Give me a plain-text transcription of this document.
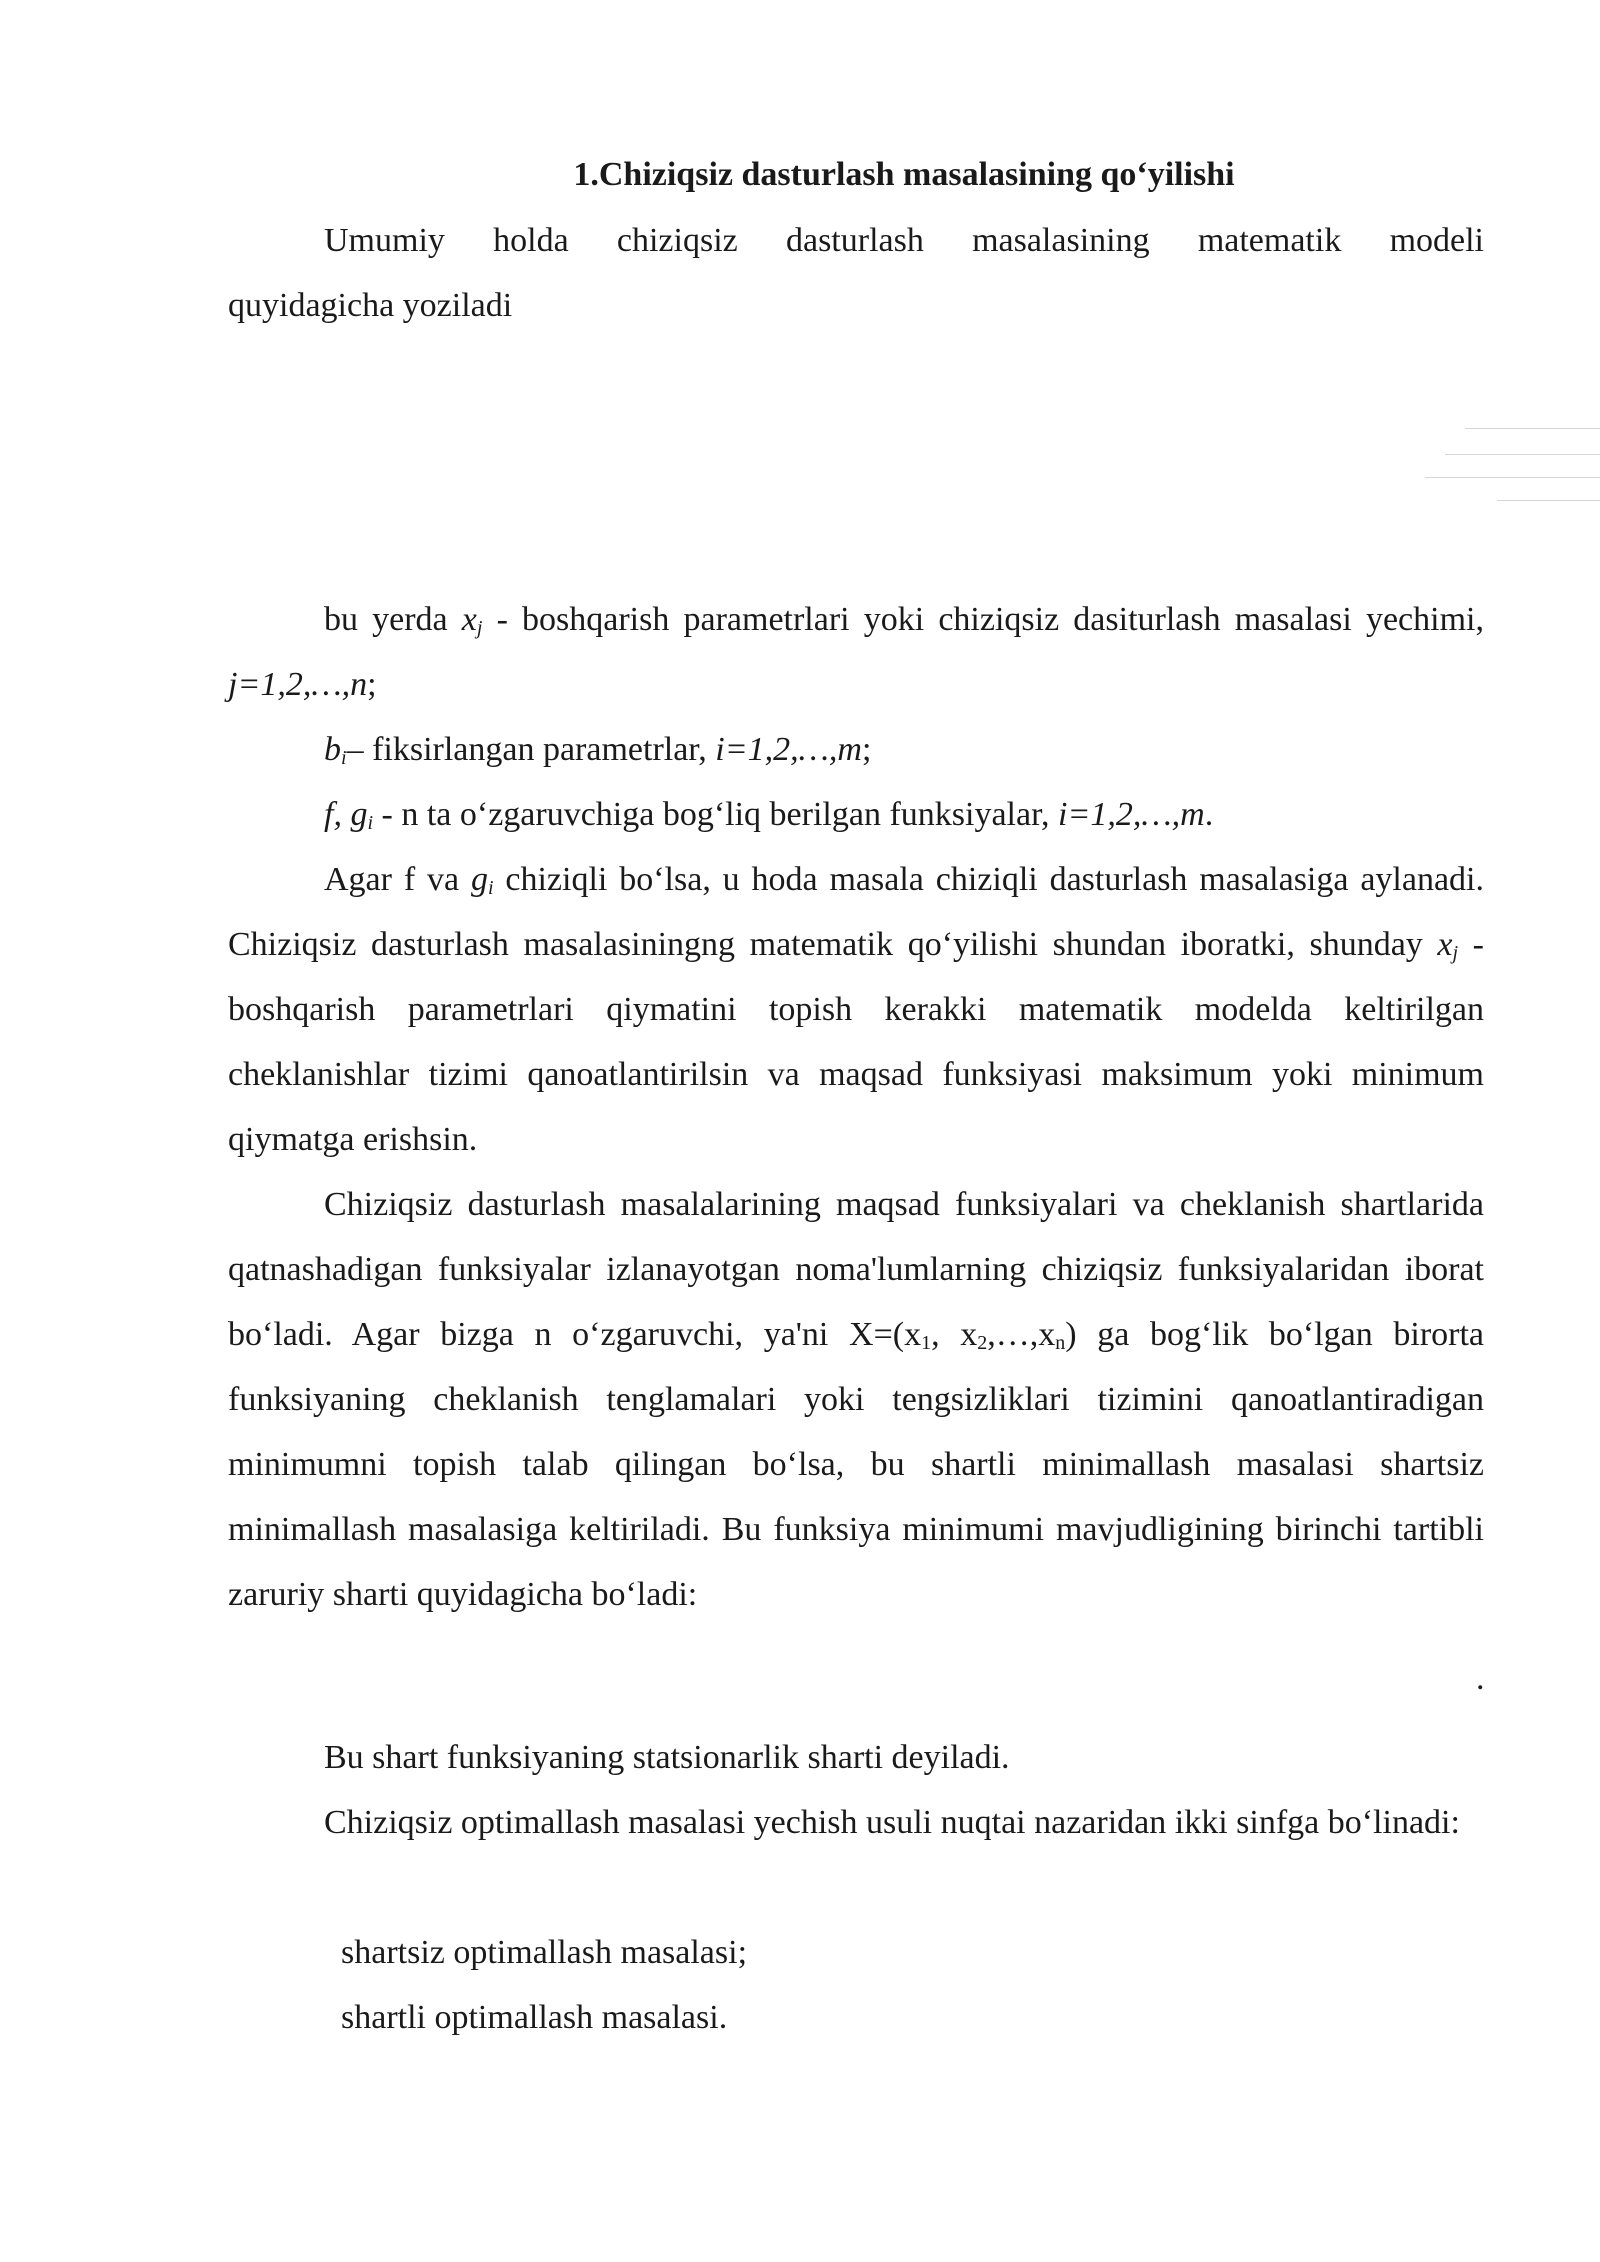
1.Chiziqsiz dasturlash masalasining qo‘yilishi

Umumiy holda chiziqsiz dasturlash masalasining matematik modeli

quyidagicha yoziladi

bu yerda $x_j$ - boshqarish parametrlari yoki chiziqsiz dasiturlash masalasi yechimi, j=1,2,…,n;

$b_i-$ fiksirlangan parametrlar, i=1,2,…,m;

f, $g_i$ - n ta o‘zgaruvchiga bog‘liq berilgan funksiyalar, i=1,2,…,m.

Agar f va $g_i$ chiziqli bo‘lsa, u hoda masala chiziqli dasturlash masalasiga aylanadi. Chiziqsiz dasturlash masalasiningng matematik qo‘yilishi shundan iboratki, shunday $x_j$ - boshqarish parametrlari qiymatini topish kerakki matematik modelda keltirilgan cheklanishlar tizimi qanoatlantirilsin va maqsad funksiyasi maksimum yoki minimum qiymatga erishsin.

Chiziqsiz dasturlash masalalarining maqsad funksiyalari va cheklanish shartlarida qatnashadigan funksiyalar izlanayotgan noma'lumlarning chiziqsiz funksiyalaridan iborat bo‘ladi. Agar bizga n o‘zgaruvchi, ya'ni $X=(x_1$, $x_2,\dots,x_n$) ga bog‘lik bo‘lgan birorta funksiyaning cheklanish tenglamalari yoki tengsizliklari tizimini qanoatlantiradigan minimumni topish talab qilingan bo‘lsa, bu shartli minimallash masalasi shartsiz minimallash masalasiga keltiriladi. Bu funksiya minimumi mavjudligining birinchi tartibli zaruriy sharti quyidagicha bo‘ladi:

.

Bu shart funksiyaning statsionarlik sharti deyiladi.

Chiziqsiz optimallash masalasi yechish usuli nuqtai nazaridan ikki sinfga bo‘linadi:

shartsiz optimallash masalasi;
shartli optimallash masalasi.
